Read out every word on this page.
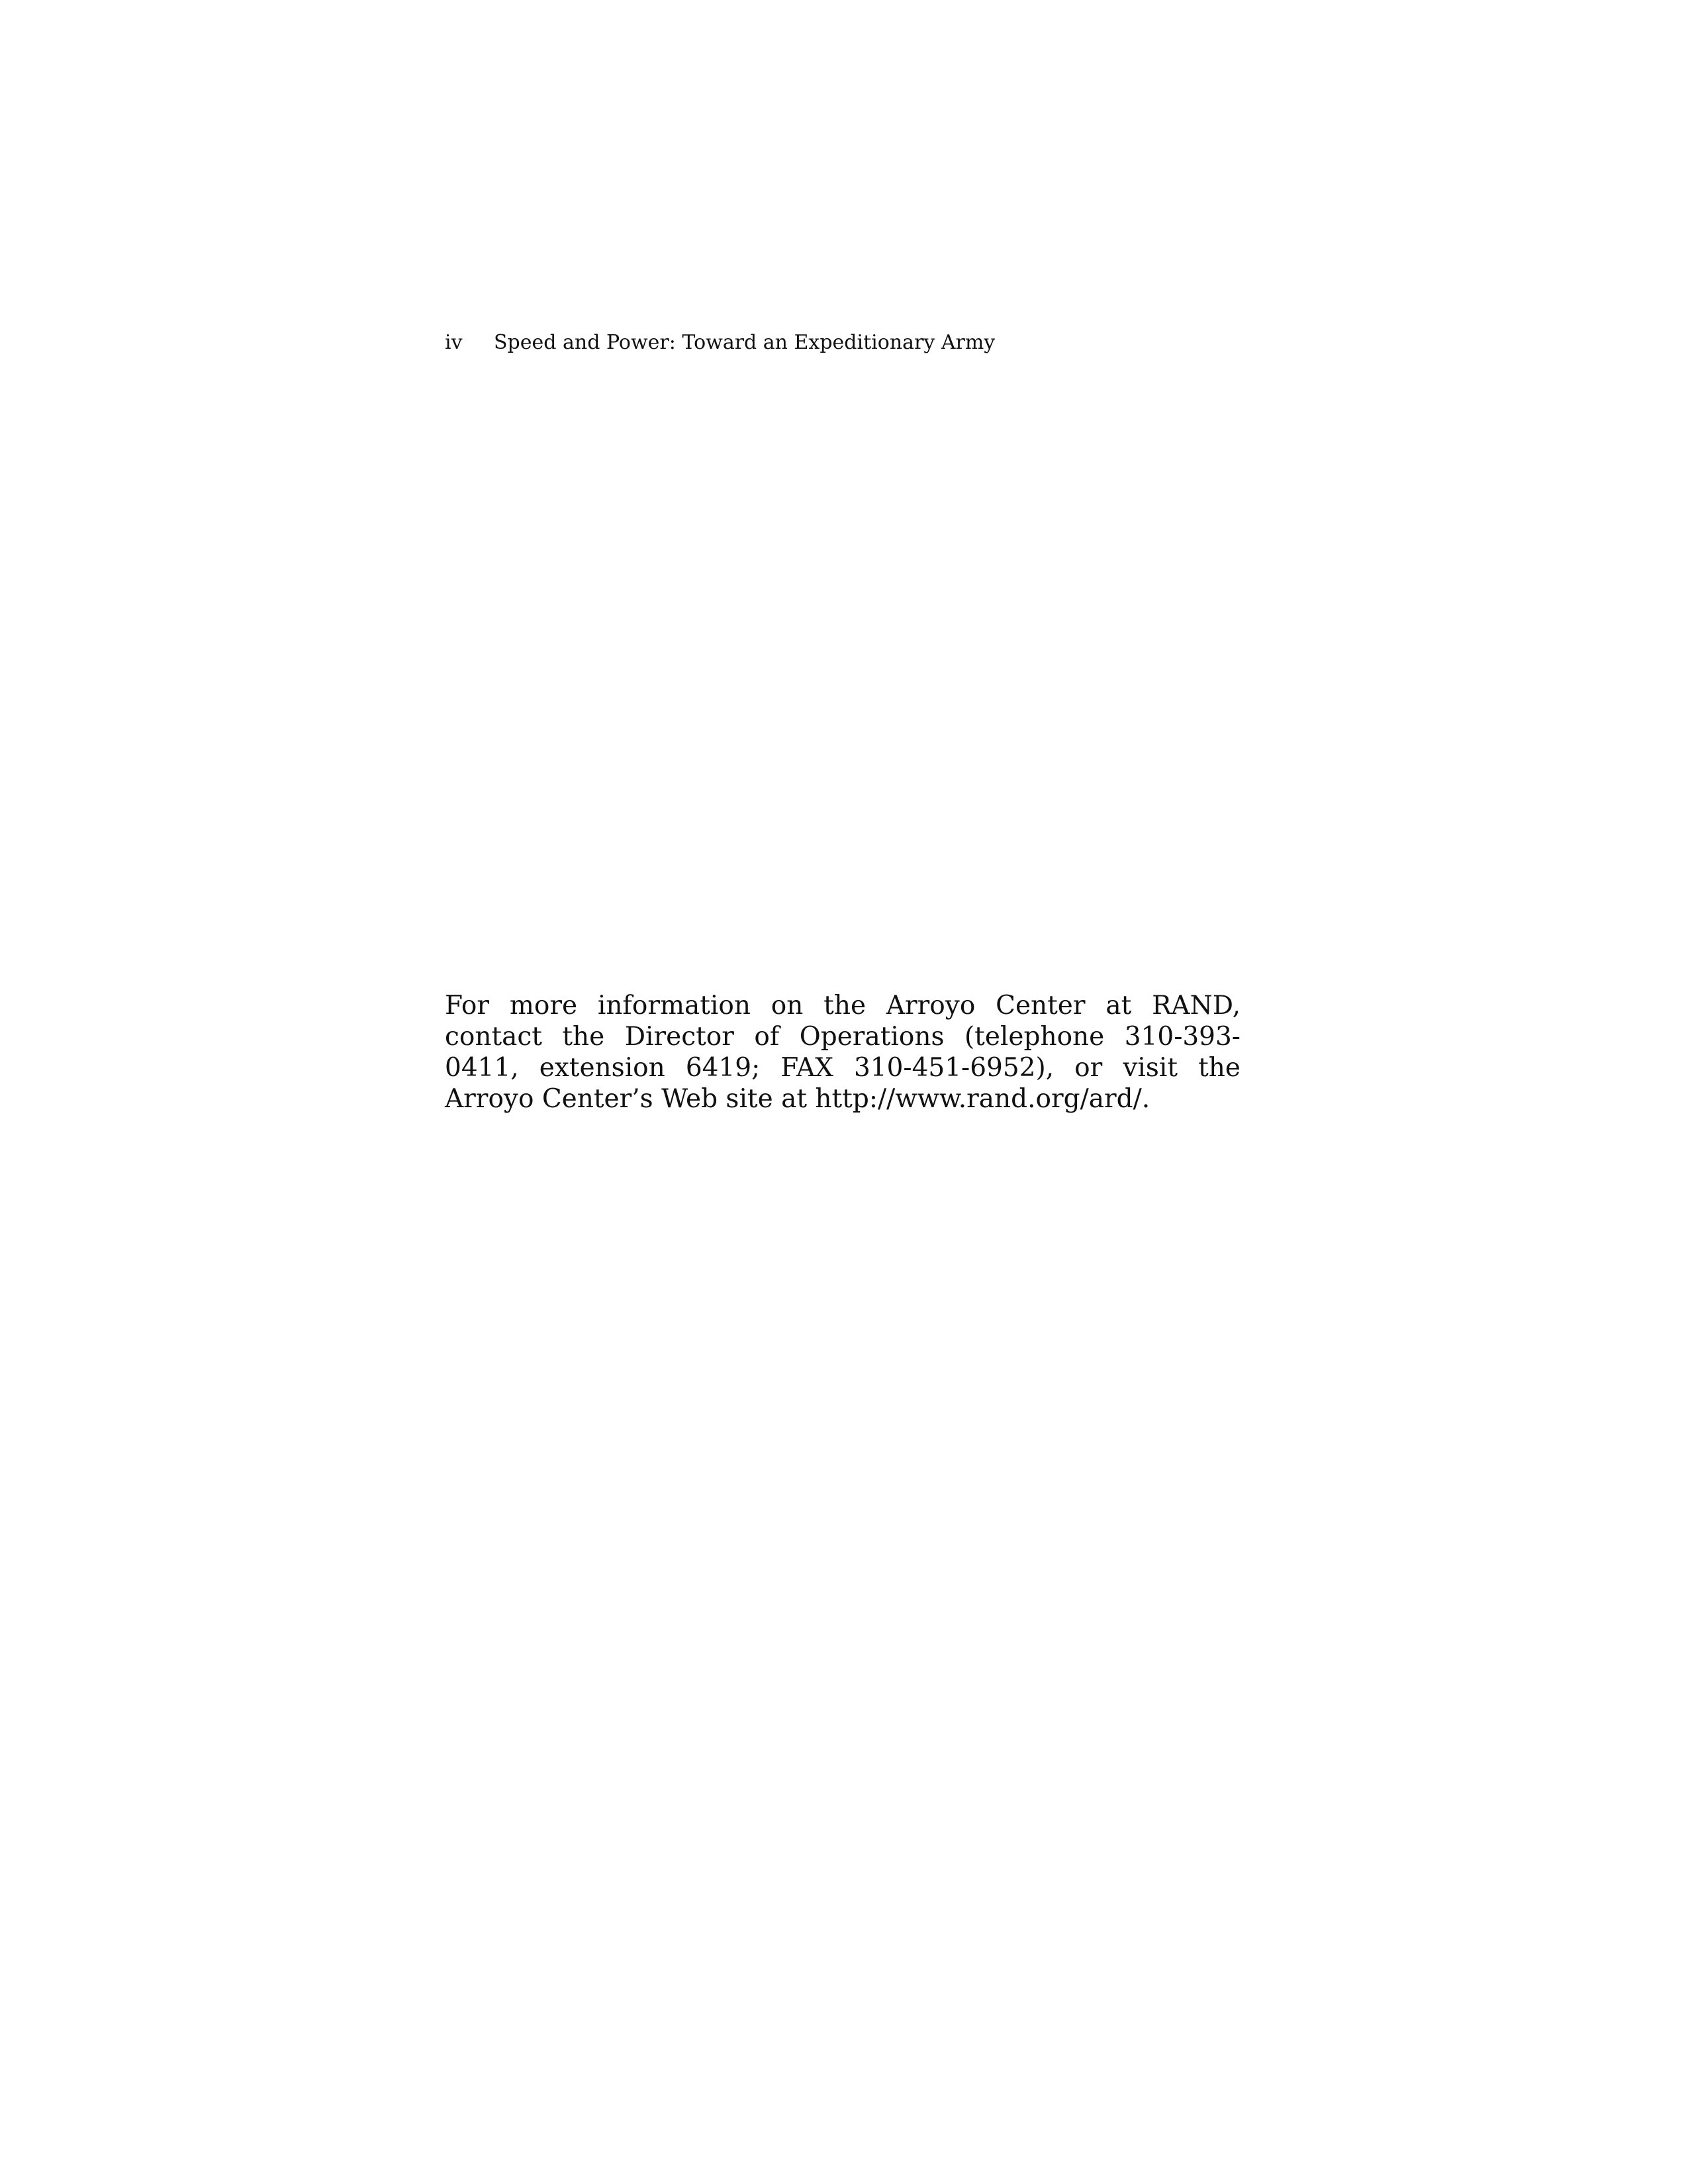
iv Speed and Power: Toward an Expeditionary Army

For more information on the Arroyo Center at RAND, contact the Director of Operations (telephone 310-393-0411, extension 6419; FAX 310-451-6952), or visit the Arroyo Center’s Web site at http://www.rand.org/ard/.
